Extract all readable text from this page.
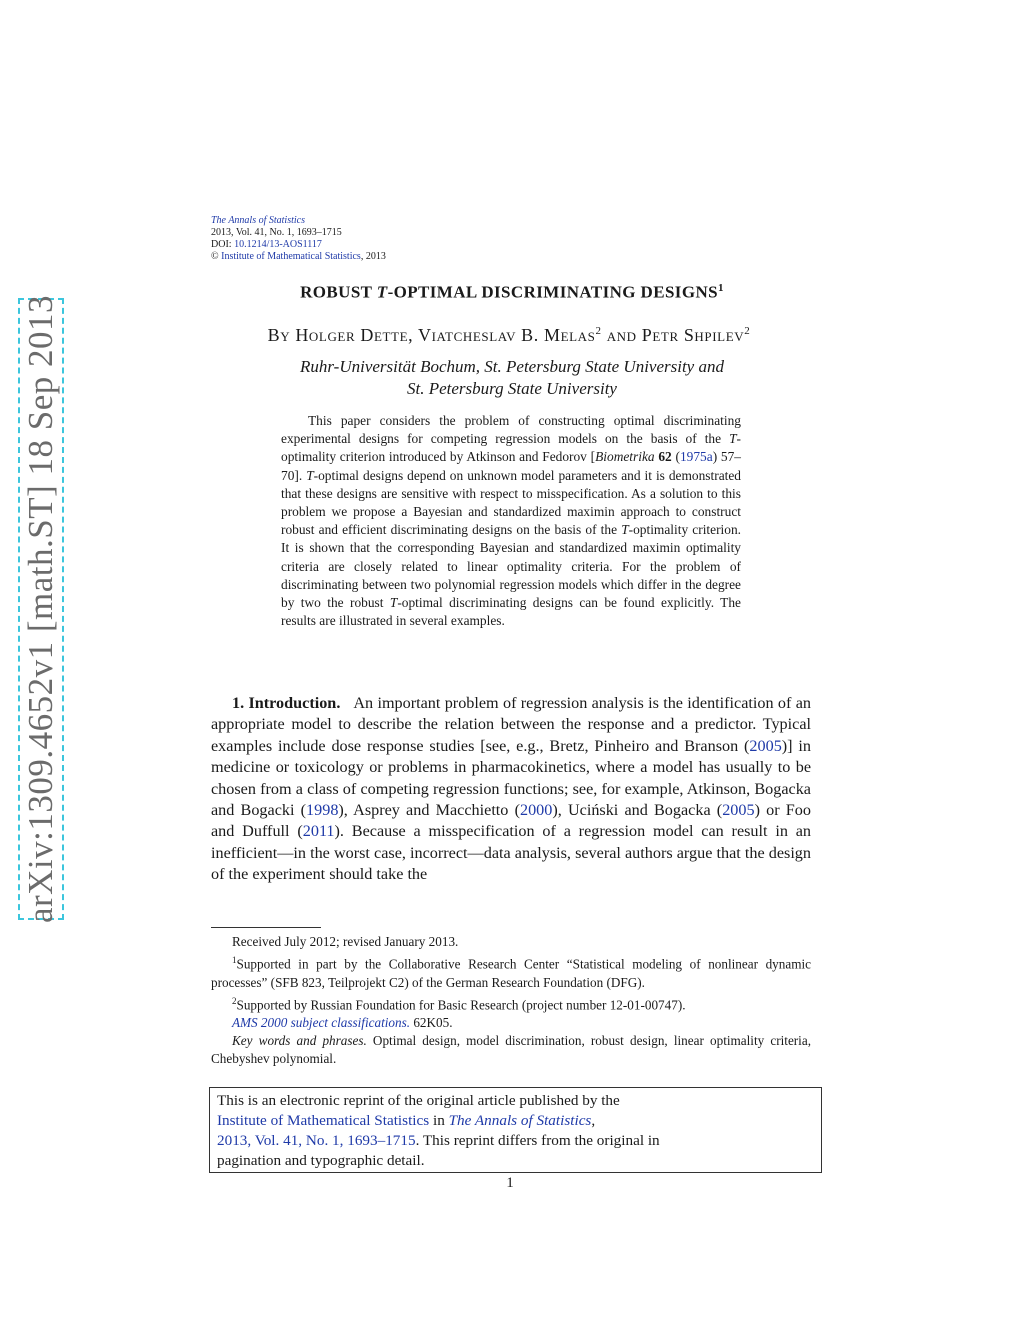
arXiv:1309.4652v1 [math.ST] 18 Sep 2013
The Annals of Statistics
2013, Vol. 41, No. 1, 1693–1715
DOI: 10.1214/13-AOS1117
© Institute of Mathematical Statistics, 2013
ROBUST T-OPTIMAL DISCRIMINATING DESIGNS$^1$
By Holger Dette, Viatcheslav B. Melas$^2$ and Petr Shpilev$^2$
Ruhr-Universität Bochum, St. Petersburg State University and
St. Petersburg State University
This paper considers the problem of constructing optimal discriminating experimental designs for competing regression models on the basis of the T-optimality criterion introduced by Atkinson and Fedorov [Biometrika 62 (1975a) 57–70]. T-optimal designs depend on unknown model parameters and it is demonstrated that these designs are sensitive with respect to misspecification. As a solution to this problem we propose a Bayesian and standardized maximin approach to construct robust and efficient discriminating designs on the basis of the T-optimality criterion. It is shown that the corresponding Bayesian and standardized maximin optimality criteria are closely related to linear optimality criteria. For the problem of discriminating between two polynomial regression models which differ in the degree by two the robust T-optimal discriminating designs can be found explicitly. The results are illustrated in several examples.
1. Introduction. An important problem of regression analysis is the identification of an appropriate model to describe the relation between the response and a predictor. Typical examples include dose response studies [see, e.g., Bretz, Pinheiro and Branson (2005)] in medicine or toxicology or problems in pharmacokinetics, where a model has usually to be chosen from a class of competing regression functions; see, for example, Atkinson, Bogacka and Bogacki (1998), Asprey and Macchietto (2000), Uciński and Bogacka (2005) or Foo and Duffull (2011). Because a misspecification of a regression model can result in an inefficient—in the worst case, incorrect—data analysis, several authors argue that the design of the experiment should take the

Received July 2012; revised January 2013.

$^1$Supported in part by the Collaborative Research Center “Statistical modeling of nonlinear dynamic processes” (SFB 823, Teilprojekt C2) of the German Research Foundation (DFG).

$^2$Supported by Russian Foundation for Basic Research (project number 12-01-00747).

AMS 2000 subject classifications. 62K05.

Key words and phrases. Optimal design, model discrimination, robust design, linear optimality criteria, Chebyshev polynomial.

This is an electronic reprint of the original article published by the
Institute of Mathematical Statistics in The Annals of Statistics,
2013, Vol. 41, No. 1, 1693–1715. This reprint differs from the original in
pagination and typographic detail.
1
